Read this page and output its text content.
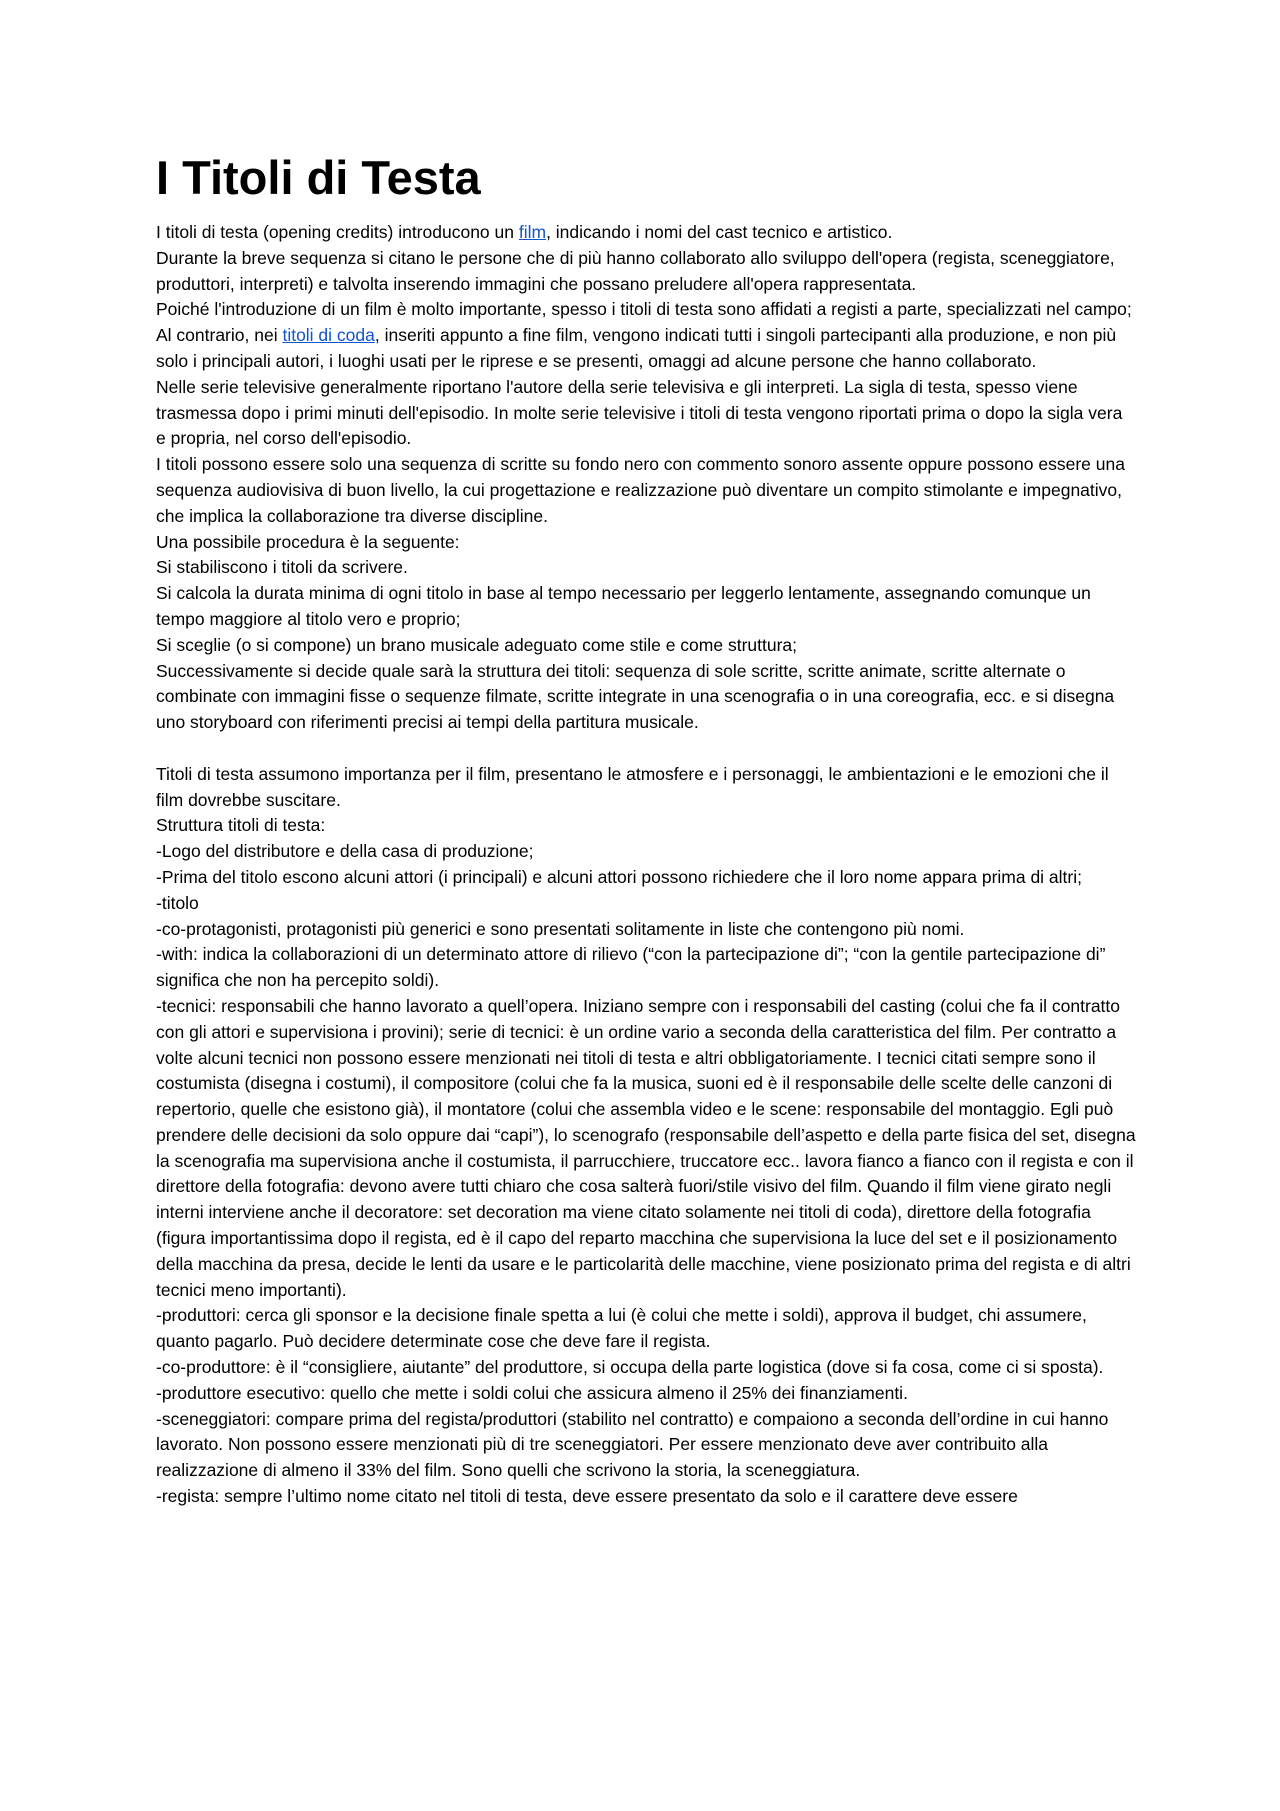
I Titoli di Testa

I titoli di testa (opening credits) introducono un film, indicando i nomi del cast tecnico e artistico.

Durante la breve sequenza si citano le persone che di più hanno collaborato allo sviluppo dell'opera (regista, sceneggiatore, produttori, interpreti) e talvolta inserendo immagini che possano preludere all'opera rappresentata.

Poiché l'introduzione di un film è molto importante, spesso i titoli di testa sono affidati a registi a parte, specializzati nel campo;

Al contrario, nei titoli di coda, inseriti appunto a fine film, vengono indicati tutti i singoli partecipanti alla produzione, e non più solo i principali autori, i luoghi usati per le riprese e se presenti, omaggi ad alcune persone che hanno collaborato.

Nelle serie televisive generalmente riportano l'autore della serie televisiva e gli interpreti. La sigla di testa, spesso viene trasmessa dopo i primi minuti dell'episodio. In molte serie televisive i titoli di testa vengono riportati prima o dopo la sigla vera e propria, nel corso dell'episodio.

I titoli possono essere solo una sequenza di scritte su fondo nero con commento sonoro assente oppure possono essere una sequenza audiovisiva di buon livello, la cui progettazione e realizzazione può diventare un compito stimolante e impegnativo, che implica la collaborazione tra diverse discipline.

Una possibile procedura è la seguente:

Si stabiliscono i titoli da scrivere.

Si calcola la durata minima di ogni titolo in base al tempo necessario per leggerlo lentamente, assegnando comunque un tempo maggiore al titolo vero e proprio;

Si sceglie (o si compone) un brano musicale adeguato come stile e come struttura;

Successivamente si decide quale sarà la struttura dei titoli: sequenza di sole scritte, scritte animate, scritte alternate o combinate con immagini fisse o sequenze filmate, scritte integrate in una scenografia o in una coreografia, ecc. e si disegna uno storyboard con riferimenti precisi ai tempi della partitura musicale.

Titoli di testa assumono importanza per il film, presentano le atmosfere e i personaggi, le ambientazioni e le emozioni che il film dovrebbe suscitare.

Struttura titoli di testa:

-Logo del distributore e della casa di produzione;

-Prima del titolo escono alcuni attori (i principali) e alcuni attori possono richiedere che il loro nome appara prima di altri;

-titolo

-co-protagonisti, protagonisti più generici e sono presentati solitamente in liste che contengono più nomi.

-with: indica la collaborazioni di un determinato attore di rilievo (“con la partecipazione di”; “con la gentile partecipazione di” significa che non ha percepito soldi).

-tecnici: responsabili che hanno lavorato a quell’opera. Iniziano sempre con i responsabili del casting (colui che fa il contratto con gli attori e supervisiona i provini); serie di tecnici: è un ordine vario a seconda della caratteristica del film. Per contratto a volte alcuni tecnici non possono essere menzionati nei titoli di testa e altri obbligatoriamente. I tecnici citati sempre sono il costumista (disegna i costumi), il compositore (colui che fa la musica, suoni ed è il responsabile delle scelte delle canzoni di repertorio, quelle che esistono già), il montatore (colui che assembla video e le scene: responsabile del montaggio. Egli può prendere delle decisioni da solo oppure dai “capi”), lo scenografo (responsabile dell’aspetto e della parte fisica del set, disegna la scenografia ma supervisiona anche il costumista, il parrucchiere, truccatore ecc.. lavora fianco a fianco con il regista e con il direttore della fotografia: devono avere tutti chiaro che cosa salterà fuori/stile visivo del film. Quando il film viene girato negli interni interviene anche il decoratore: set decoration ma viene citato solamente nei titoli di coda), direttore della fotografia (figura importantissima dopo il regista, ed è il capo del reparto macchina che supervisiona la luce del set e il posizionamento della macchina da presa, decide le lenti da usare e le particolarità delle macchine, viene posizionato prima del regista e di altri tecnici meno importanti).

-produttori: cerca gli sponsor e la decisione finale spetta a lui (è colui che mette i soldi), approva il budget, chi assumere, quanto pagarlo. Può decidere determinate cose che deve fare il regista.

-co-produttore: è il “consigliere, aiutante” del produttore, si occupa della parte logistica (dove si fa cosa, come ci si sposta).

-produttore esecutivo: quello che mette i soldi colui che assicura almeno il 25% dei finanziamenti.

-sceneggiatori: compare prima del regista/produttori (stabilito nel contratto) e compaiono a seconda dell’ordine in cui hanno lavorato. Non possono essere menzionati più di tre sceneggiatori. Per essere menzionato deve aver contribuito alla realizzazione di almeno il 33% del film. Sono quelli che scrivono la storia, la sceneggiatura.

-regista: sempre l’ultimo nome citato nel titoli di testa, deve essere presentato da solo e il carattere deve essere
